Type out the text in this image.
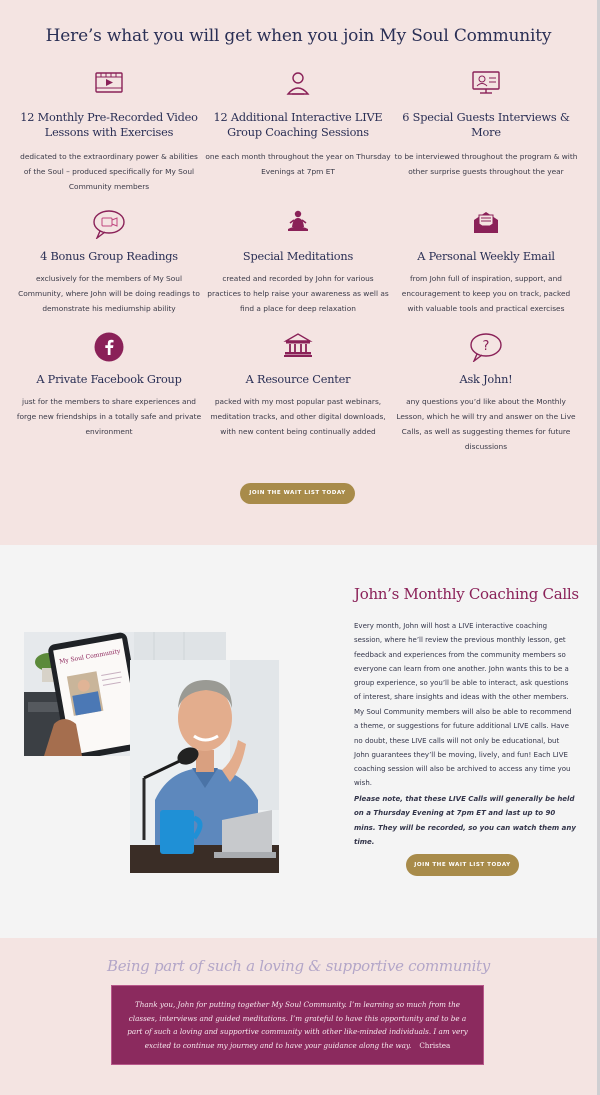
Here’s what you will get when you join My Soul Community
12 Monthly Pre-Recorded Video Lessons with Exercises
dedicated to the extraordinary power & abilities of the Soul – produced specifically for My Soul Community members
12 Additional Interactive LIVE Group Coaching Sessions
one each month throughout the year on Thursday Evenings at 7pm ET
6 Special Guests Interviews & More
to be interviewed throughout the program & with other surprise guests throughout the year
4 Bonus Group Readings
exclusively for the members of My Soul Community, where John will be doing readings to demonstrate his mediumship ability
Special Meditations
created and recorded by John for various practices to help raise your awareness as well as find a place for deep relaxation
A Personal Weekly Email
from John full of inspiration, support, and encouragement to keep you on track, packed with valuable tools and practical exercises
A Private Facebook Group
just for the members to share experiences and forge new friendships in a totally safe and private environment
A Resource Center
packed with my most popular past webinars, meditation tracks, and other digital downloads, with new content being continually added
?
Ask John!
any questions you’d like about the Monthly Lesson, which he will try and answer on the Live Calls, as well as suggesting themes for future discussions
JOIN THE WAIT LIST TODAY
My Soul Community
John’s Monthly Coaching Calls
Every month, John will host a LIVE interactive coaching session, where he’ll review the previous monthly lesson, get feedback and experiences from the community members so everyone can learn from one another. John wants this to be a group experience, so you’ll be able to interact, ask questions of interest, share insights and ideas with the other members.
My Soul Community members will also be able to recommend a theme, or suggestions for future additional LIVE calls. Have no doubt, these LIVE calls will not only be educational, but John guarantees they’ll be moving, lively, and fun! Each LIVE coaching session will also be archived to access any time you wish.
Please note, that these LIVE Calls will generally be held on a Thursday Evening at 7pm ET and last up to 90 mins. They will be recorded, so you can watch them any time.
JOIN THE WAIT LIST TODAY
Being part of such a loving & supportive community
Thank you, John for putting together My Soul Community. I’m learning so much from the classes, interviews and guided meditations. I’m grateful to have this opportunity and to be a part of such a loving and supportive community with other like-minded individuals. I am very excited to continue my journey and to have your guidance along the way. Christea
